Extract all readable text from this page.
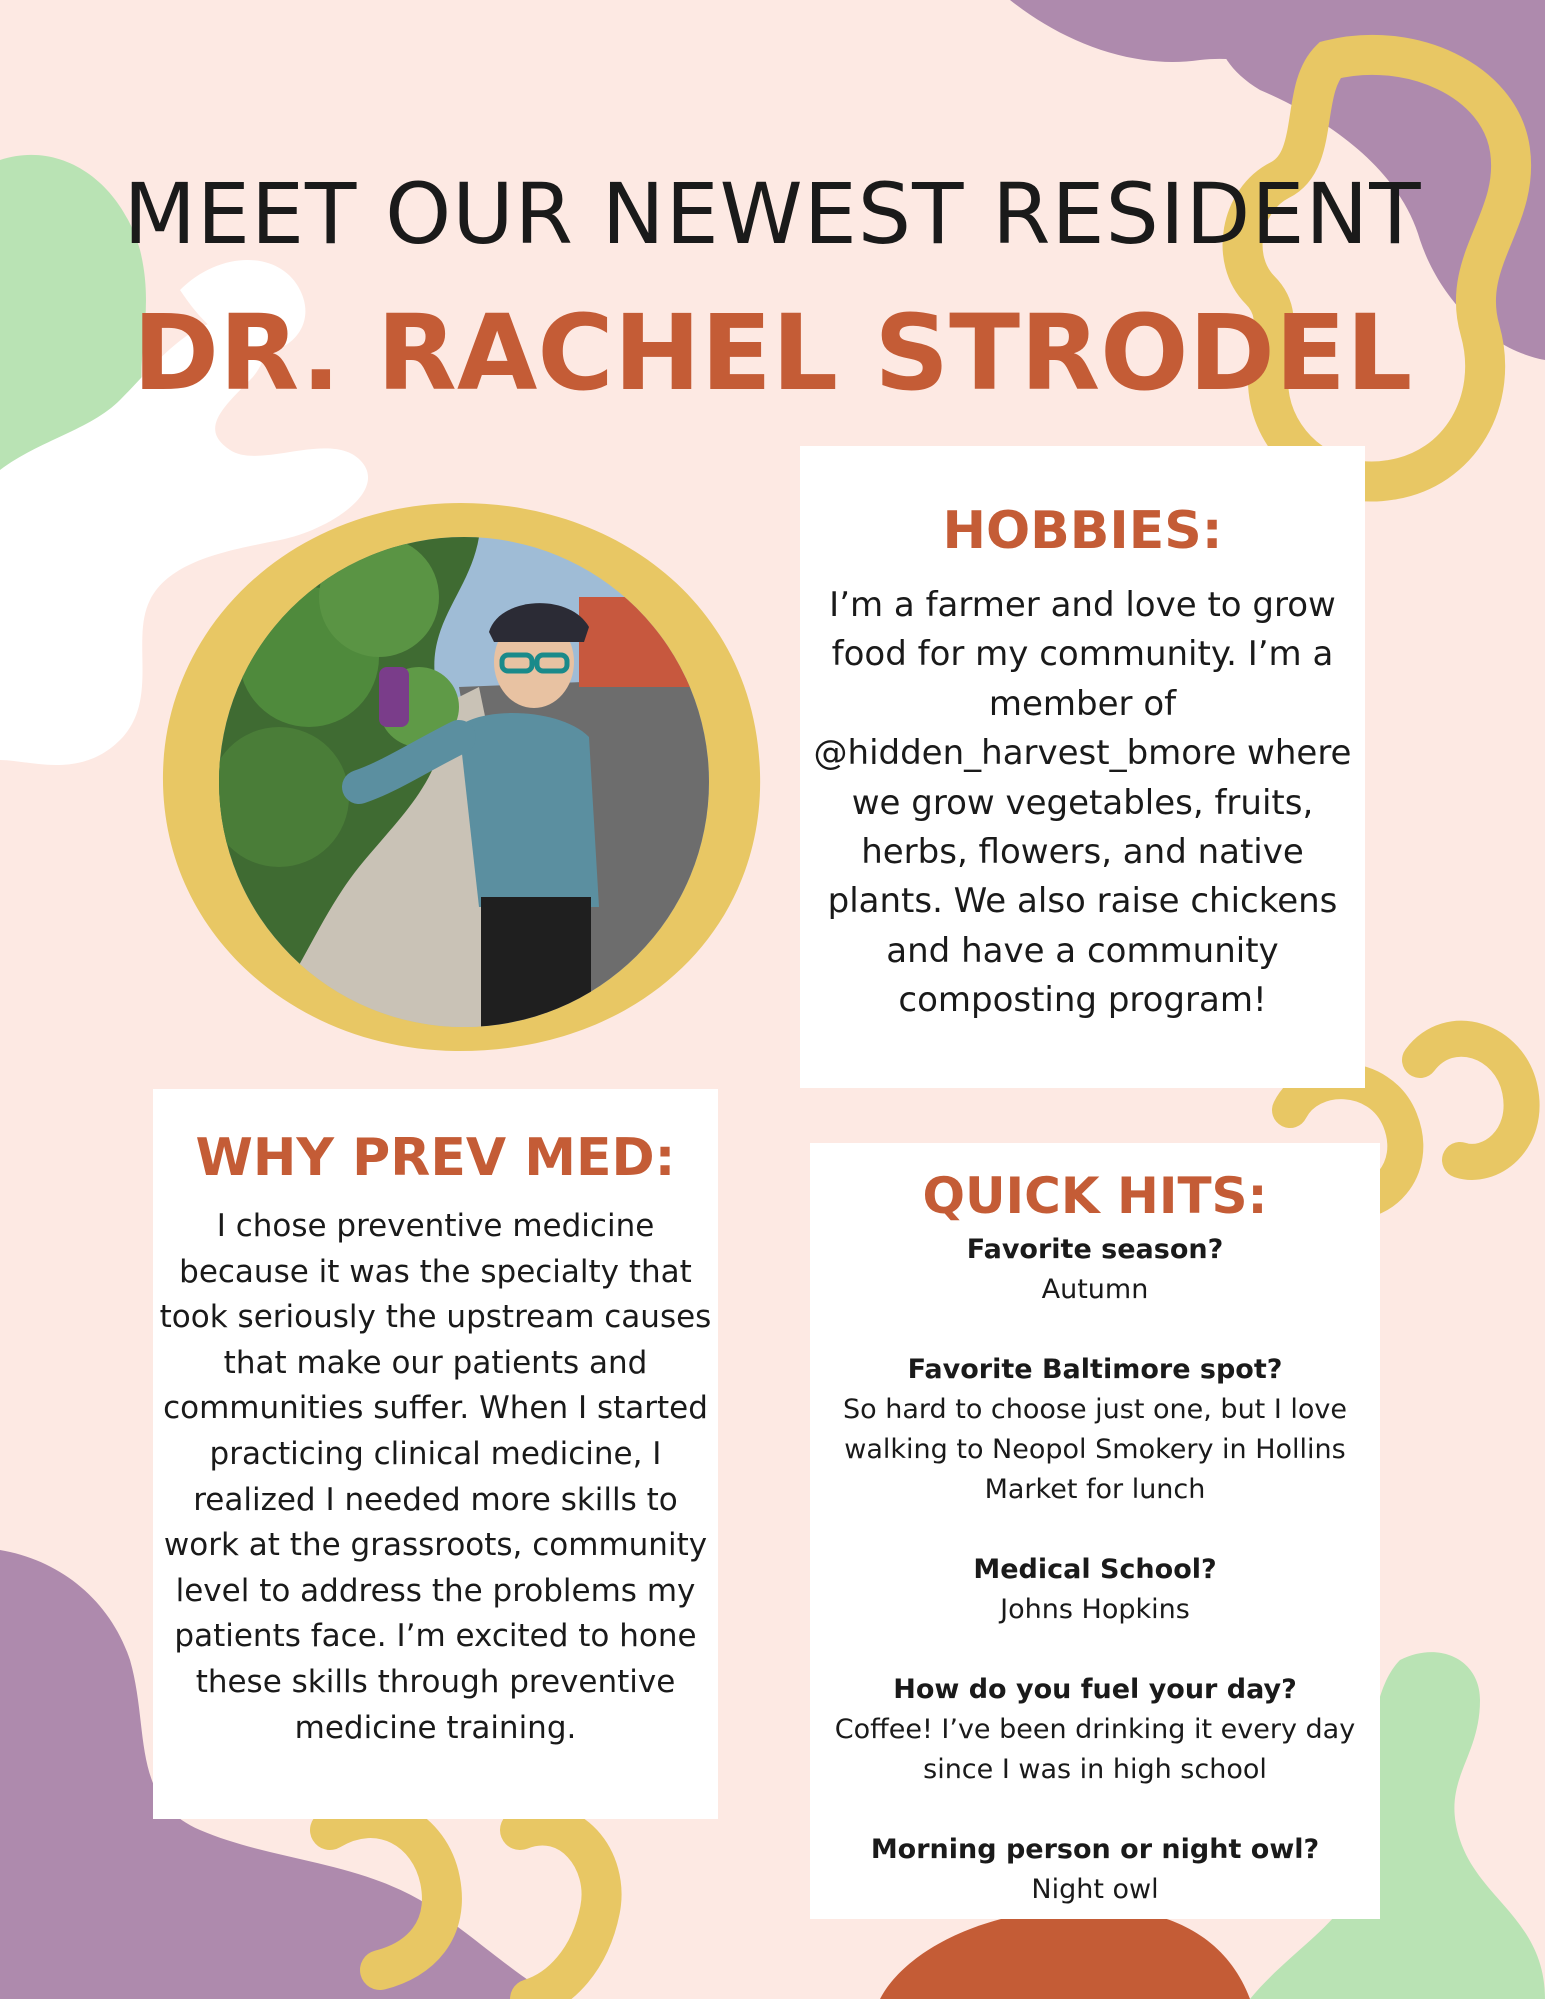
MEET OUR NEWEST RESIDENT
DR. RACHEL STRODEL
HOBBIES:

I’m a farmer and love to grow food for my community. I’m a member of @hidden_harvest_bmore where we grow vegetables, fruits, herbs, flowers, and native plants. We also raise chickens and have a community composting program!

WHY PREV MED:

I chose preventive medicine because it was the specialty that took seriously the upstream causes that make our patients and communities suffer. When I started practicing clinical medicine, I realized I needed more skills to work at the grassroots, community level to address the problems my patients face. I’m excited to hone these skills through preventive medicine training.

QUICK HITS:
Favorite season?
Autumn
Favorite Baltimore spot?
So hard to choose just one, but I love walking to Neopol Smokery in Hollins Market for lunch
Medical School?
Johns Hopkins
How do you fuel your day?
Coffee! I’ve been drinking it every day since I was in high school
Morning person or night owl?
Night owl
